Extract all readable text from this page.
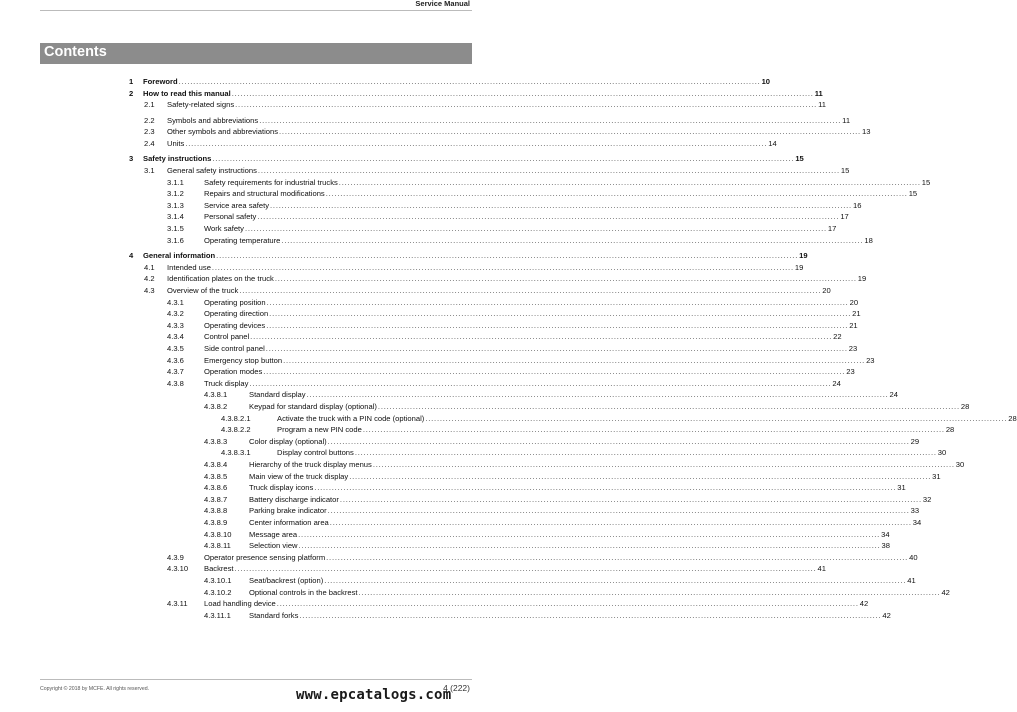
Service Manual
Contents
1 Foreword ........................................................................................................................................................................................................ 10
2 How to read this manual ........................................................................................................................................................................................................ 11
2.1 Safety-related signs ........................................................................................................................................................................................................ 11
2.2 Symbols and abbreviations ........................................................................................................................................................................................................ 11
2.3 Other symbols and abbreviations ........................................................................................................................................................................................................ 13
2.4 Units ........................................................................................................................................................................................................ 14
3 Safety instructions ........................................................................................................................................................................................................ 15
3.1 General safety instructions ........................................................................................................................................................................................................ 15
3.1.1	Safety requirements for industrial trucks ........................................................................................................................................................................................................ 15
3.1.2	Repairs and structural modifications ........................................................................................................................................................................................................ 15
3.1.3	Service area safety ........................................................................................................................................................................................................ 16
3.1.4	Personal safety ........................................................................................................................................................................................................ 17
3.1.5	Work safety ........................................................................................................................................................................................................ 17
3.1.6	Operating temperature ........................................................................................................................................................................................................ 18
4 General information ........................................................................................................................................................................................................ 19
4.1 Intended use ........................................................................................................................................................................................................ 19
4.2 Identification plates on the truck ........................................................................................................................................................................................................ 19
4.3 Overview of the truck ........................................................................................................................................................................................................ 20
4.3.1	Operating position ........................................................................................................................................................................................................ 20
4.3.2	Operating direction ........................................................................................................................................................................................................ 21
4.3.3	Operating devices ........................................................................................................................................................................................................ 21
4.3.4	Control panel ........................................................................................................................................................................................................ 22
4.3.5	Side control panel ........................................................................................................................................................................................................ 23
4.3.6	Emergency stop button ........................................................................................................................................................................................................ 23
4.3.7	Operation modes ........................................................................................................................................................................................................ 23
4.3.8	Truck display ........................................................................................................................................................................................................ 24
4.3.8.1	Standard display ........................................................................................................................................................................................................ 24
4.3.8.2	Keypad for standard display (optional) ........................................................................................................................................................................................................ 28
4.3.8.2.1	Activate the truck with a PIN code (optional) ........................................................................................................................................................................................................ 28
4.3.8.2.2	Program a new PIN code ........................................................................................................................................................................................................ 28
4.3.8.3	Color display (optional) ........................................................................................................................................................................................................ 29
4.3.8.3.1	Display control buttons ........................................................................................................................................................................................................ 30
4.3.8.4	Hierarchy of the truck display menus ........................................................................................................................................................................................................ 30
4.3.8.5	Main view of the truck display ........................................................................................................................................................................................................ 31
4.3.8.6	Truck display icons ........................................................................................................................................................................................................ 31
4.3.8.7	Battery discharge indicator ........................................................................................................................................................................................................ 32
4.3.8.8	Parking brake indicator ........................................................................................................................................................................................................ 33
4.3.8.9	Center information area ........................................................................................................................................................................................................ 34
4.3.8.10 Message area ........................................................................................................................................................................................................ 34
4.3.8.11 Selection view ........................................................................................................................................................................................................ 38
4.3.9	Operator presence sensing platform ........................................................................................................................................................................................................ 40
4.3.10 Backrest ........................................................................................................................................................................................................ 41
4.3.10.1 Seat/backrest (option) ........................................................................................................................................................................................................ 41
4.3.10.2 Optional controls in the backrest ........................................................................................................................................................................................................ 42
4.3.11 Load handling device ........................................................................................................................................................................................................ 42
4.3.11.1 Standard forks ........................................................................................................................................................................................................ 42
Copyright © 2018 by MCFE. All rights reserved.	4 (222)
www.epcatalogs.com
